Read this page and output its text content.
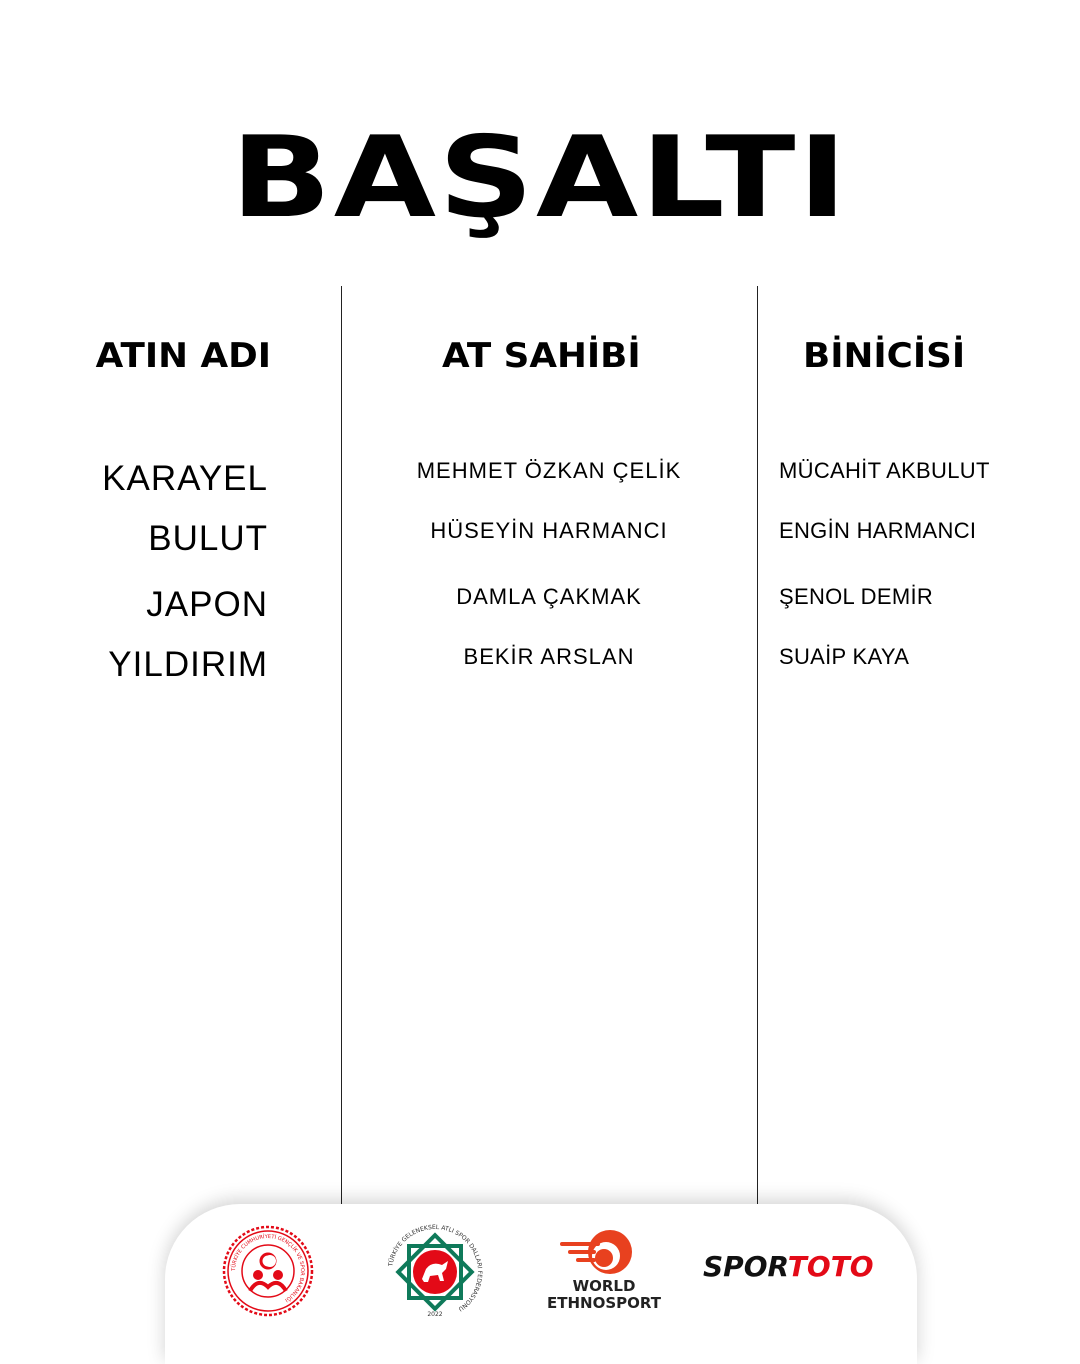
BAŞALTI
ATIN ADI	AT SAHİBİ	BİNİCİSİ
KARAYEL	MEHMET ÖZKAN ÇELİK	MÜCAHİT AKBULUT
BULUT	HÜSEYİN HARMANCI	ENGİN HARMANCI
JAPON	DAMLA ÇAKMAK	ŞENOL DEMİR
YILDIRIM	BEKİR ARSLAN	SUAİP KAYA
TÜRKİYE CUMHURİYETİ GENÇLİK VE SPOR BAKANLIĞI
TÜRKİYE GELENEKSEL ATLI SPOR DALLARI FEDERASYONU
2022
WORLD
ETHNOSPORT
SPORTOTO
